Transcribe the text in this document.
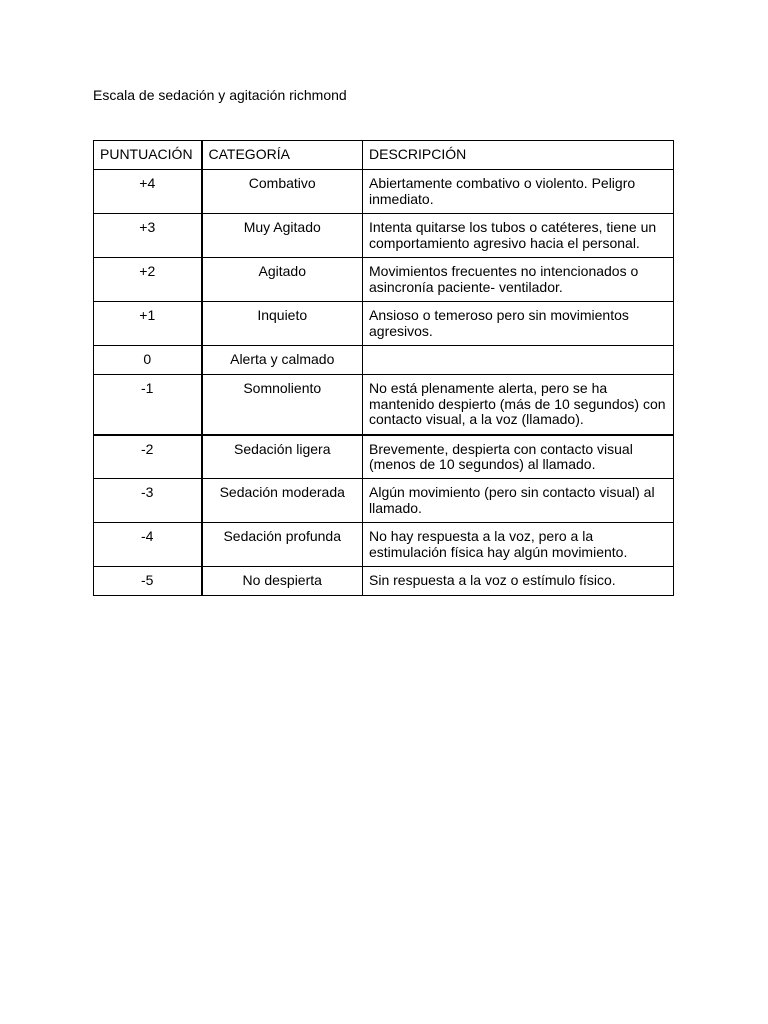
Escala de sedación y agitación richmond
PUNTUACIÓN	CATEGORÍA	DESCRIPCIÓN
+4	Combativo	Abiertamente combativo o violento. Peligro inmediato.
+3	Muy Agitado	Intenta quitarse los tubos o catéteres, tiene un comportamiento agresivo hacia el personal.
+2	Agitado	Movimientos frecuentes no intencionados o asincronía paciente- ventilador.
+1	Inquieto	Ansioso o temeroso pero sin movimientos agresivos.
0	Alerta y calmado	
-1	Somnoliento	No está plenamente alerta, pero se ha mantenido despierto (más de 10 segundos) con contacto visual, a la voz (llamado).
-2	Sedación ligera	Brevemente, despierta con contacto visual (menos de 10 segundos) al llamado.
-3	Sedación moderada	Algún movimiento (pero sin contacto visual) al llamado.
-4	Sedación profunda	No hay respuesta a la voz, pero a la estimulación física hay algún movimiento.
-5	No despierta	Sin respuesta a la voz o estímulo físico.
